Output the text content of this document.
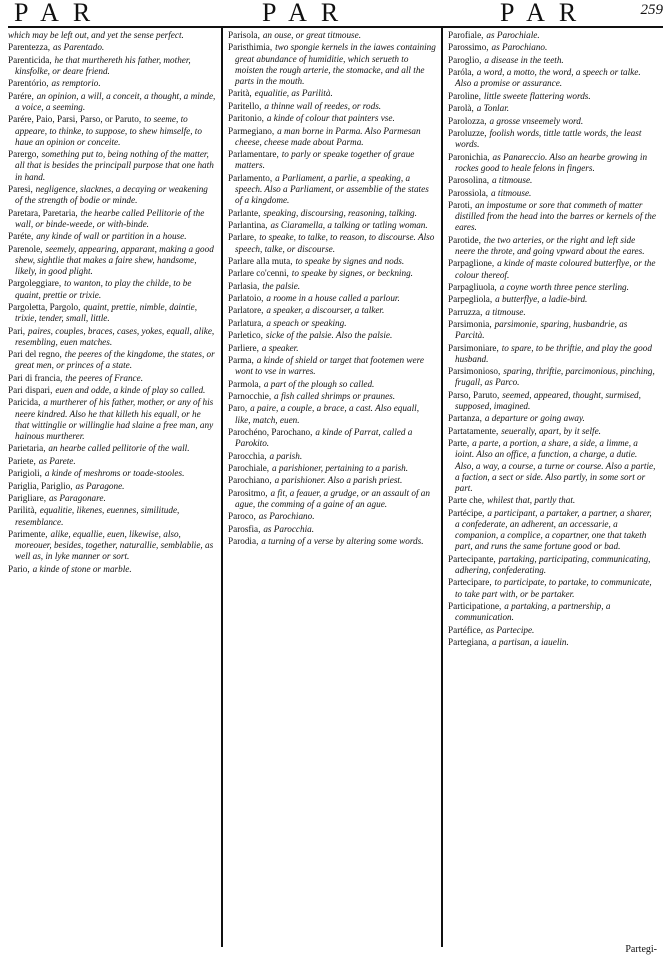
PAR	PAR	PAR	259

which may be left out, and yet the sense perfect.

Parentezza, as Parentado.

Parenticida, he that murthereth his father, mother, kinsfolke, or deare friend.

Parentório, as remptorio.

Parére, an opinion, a will, a conceit, a thought, a minde, a voice, a seeming.

Parére, Paio, Parsi, Parso, or Paruto, to seeme, to appeare, to thinke, to suppose, to shew himselfe, to haue an opinion or conceite.

Parergo, something put to, being nothing of the matter, all that is besides the principall purpose that one hath in hand.

Paresi, negligence, slacknes, a decaying or weakening of the strength of bodie or minde.

Paretara, Paretaria, the hearbe called Pellitorie of the wall, or binde-weede, or with-binde.

Paréte, any kinde of wall or partition in a house.

Parenole, seemely, appearing, apparant, making a good shew, sightlie that makes a faire shew, handsome, likely, in good plight.

Pargoleggiare, to wanton, to play the childe, to be quaint, prettie or trixie.

Pargoletta, Pargolo, quaint, prettie, nimble, daintie, trixie, tender, small, little.

Pari, paires, couples, braces, cases, yokes, equall, alike, resembling, euen matches.

Pari del regno, the peeres of the kingdome, the states, or great men, or princes of a state.

Pari di francia, the peeres of France.

Pari dispari, euen and odde, a kinde of play so called.

Paricida, a murtherer of his father, mother, or any of his neere kindred. Also he that killeth his equall, or he that wittinglie or willinglie had slaine a free man, any hainous murtherer.

Parietaria, an hearbe called pellitorie of the wall.

Pariete, as Parete.

Parigioli, a kinde of meshroms or toade-stooles.

Pariglia, Pariglio, as Paragone.

Parigliare, as Paragonare.

Parilità, equalitie, likenes, euennes, similitude, resemblance.

Parimente, alike, equallie, euen, likewise, also, moreouer, besides, together, naturallie, semblablie, as well as, in lyke manner or sort.

Pario, a kinde of stone or marble.

Parisola, an ouse, or great titmouse.

Paristhimia, two spongie kernels in the iawes containing great abundance of humiditie, which serueth to moisten the rough arterie, the stomacke, and all the parts in the mouth.

Parità, equalitie, as Parilità.

Paritello, a thinne wall of reedes, or rods.

Paritonio, a kinde of colour that painters vse.

Parmegiano, a man borne in Parma. Also Parmesan cheese, cheese made about Parma.

Parlamentare, to parly or speake together of graue matters.

Parlamento, a Parliament, a parlie, a speaking, a speech. Also a Parliament, or assemblie of the states of a kingdome.

Parlante, speaking, discoursing, reasoning, talking.

Parlantina, as Ciaramella, a talking or tatling woman.

Parlare, to speake, to talke, to reason, to discourse. Also speech, talke, or discourse.

Parlare alla muta, to speake by signes and nods.

Parlare co'cenni, to speake by signes, or beckning.

Parlasia, the palsie.

Parlatoio, a roome in a house called a parlour.

Parlatore, a speaker, a discourser, a talker.

Parlatura, a speach or speaking.

Parletico, sicke of the palsie. Also the palsie.

Parliere, a speaker.

Parma, a kinde of shield or target that footemen were wont to vse in warres.

Parmola, a part of the plough so called.

Parnocchie, a fish called shrimps or praunes.

Paro, a paire, a couple, a brace, a cast. Also equall, like, match, euen.

Parochéno, Parochano, a kinde of Parrat, called a Parokito.

Parocchia, a parish.

Parochiale, a parishioner, pertaining to a parish.

Parochiano, a parishioner. Also a parish priest.

Parositmo, a fit, a feauer, a grudge, or an assault of an ague, the comming of a gaine of an ague.

Paroco, as Parochiano.

Parosfia, as Parocchia.

Parodia, a turning of a verse by altering some words.

Parofiale, as Parochiale.

Parossimo, as Parochiano.

Paroglio, a disease in the teeth.

Paróla, a word, a motto, the word, a speech or talke. Also a promise or assurance.

Paroline, little sweete flattering words.

Parolà, a Tonlar.

Parolozza, a grosse vnseemely word.

Paroluzze, foolish words, tittle tattle words, the least words.

Paronichia, as Panareccio. Also an hearbe growing in rockes good to heale felons in fingers.

Parosolina, a titmouse.

Parossiola, a titmouse.

Paroti, an impostume or sore that commeth of matter distilled from the head into the barres or kernels of the eares.

Parotide, the two arteries, or the right and left side neere the throte, and going vpward about the eares.

Parpaglione, a kinde of maste coloured butterflye, or the colour thereof.

Parpagliuola, a coyne worth three pence sterling.

Parpegliola, a butterflye, a ladie-bird.

Parruzza, a titmouse.

Parsimonia, parsimonie, sparing, husbandrie, as Parcità.

Parsimoniare, to spare, to be thriftie, and play the good husband.

Parsimonioso, sparing, thriftie, parcimonious, pinching, frugall, as Parco.

Parso, Paruto, seemed, appeared, thought, surmised, supposed, imagined.

Partanza, a departure or going away.

Partatamente, seuerally, apart, by it selfe.

Parte, a parte, a portion, a share, a side, a limme, a ioint. Also an office, a function, a charge, a dutie. Also, a way, a course, a turne or course. Also a partie, a faction, a sect or side. Also partly, in some sort or part.

Parte che, whilest that, partly that.

Partécipe, a participant, a partaker, a partner, a sharer, a confederate, an adherent, an accessarie, a companion, a complice, a copartner, one that taketh part, and runs the same fortune good or bad.

Partecipante, partaking, participating, communicating, adhering, confederating.

Partecipare, to participate, to partake, to communicate, to take part with, or be partaker.

Participatione, a partaking, a partnership, a communication.

Partéfice, as Partecipe.

Partegiana, a partisan, a iauelin.

Partegi-
